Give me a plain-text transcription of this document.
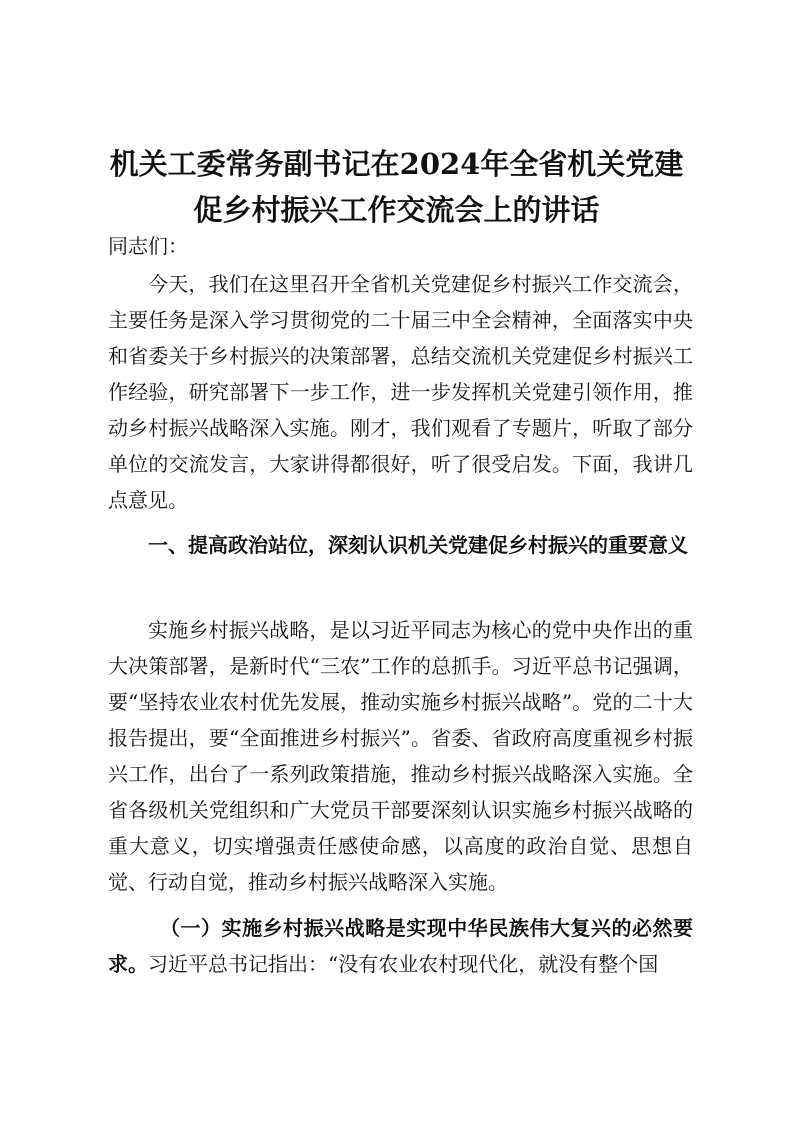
机关工委常务副书记在2024年全省机关党建
促乡村振兴工作交流会上的讲话

同志们：

今天，我们在这里召开全省机关党建促乡村振兴工作交流会，主要任务是深入学习贯彻党的二十届三中全会精神，全面落实中央和省委关于乡村振兴的决策部署，总结交流机关党建促乡村振兴工作经验，研究部署下一步工作，进一步发挥机关党建引领作用，推动乡村振兴战略深入实施。刚才，我们观看了专题片，听取了部分单位的交流发言，大家讲得都很好，听了很受启发。下面，我讲几点意见。

一、提高政治站位，深刻认识机关党建促乡村振兴的重要意义

实施乡村振兴战略，是以习近平同志为核心的党中央作出的重大决策部署，是新时代“三农”工作的总抓手。习近平总书记强调，要“坚持农业农村优先发展，推动实施乡村振兴战略”。党的二十大报告提出，要“全面推进乡村振兴”。省委、省政府高度重视乡村振兴工作，出台了一系列政策措施，推动乡村振兴战略深入实施。全省各级机关党组织和广大党员干部要深刻认识实施乡村振兴战略的重大意义，切实增强责任感使命感，以高度的政治自觉、思想自觉、行动自觉，推动乡村振兴战略深入实施。

（一）实施乡村振兴战略是实现中华民族伟大复兴的必然要求。习近平总书记指出：“没有农业农村现代化，就没有整个国
